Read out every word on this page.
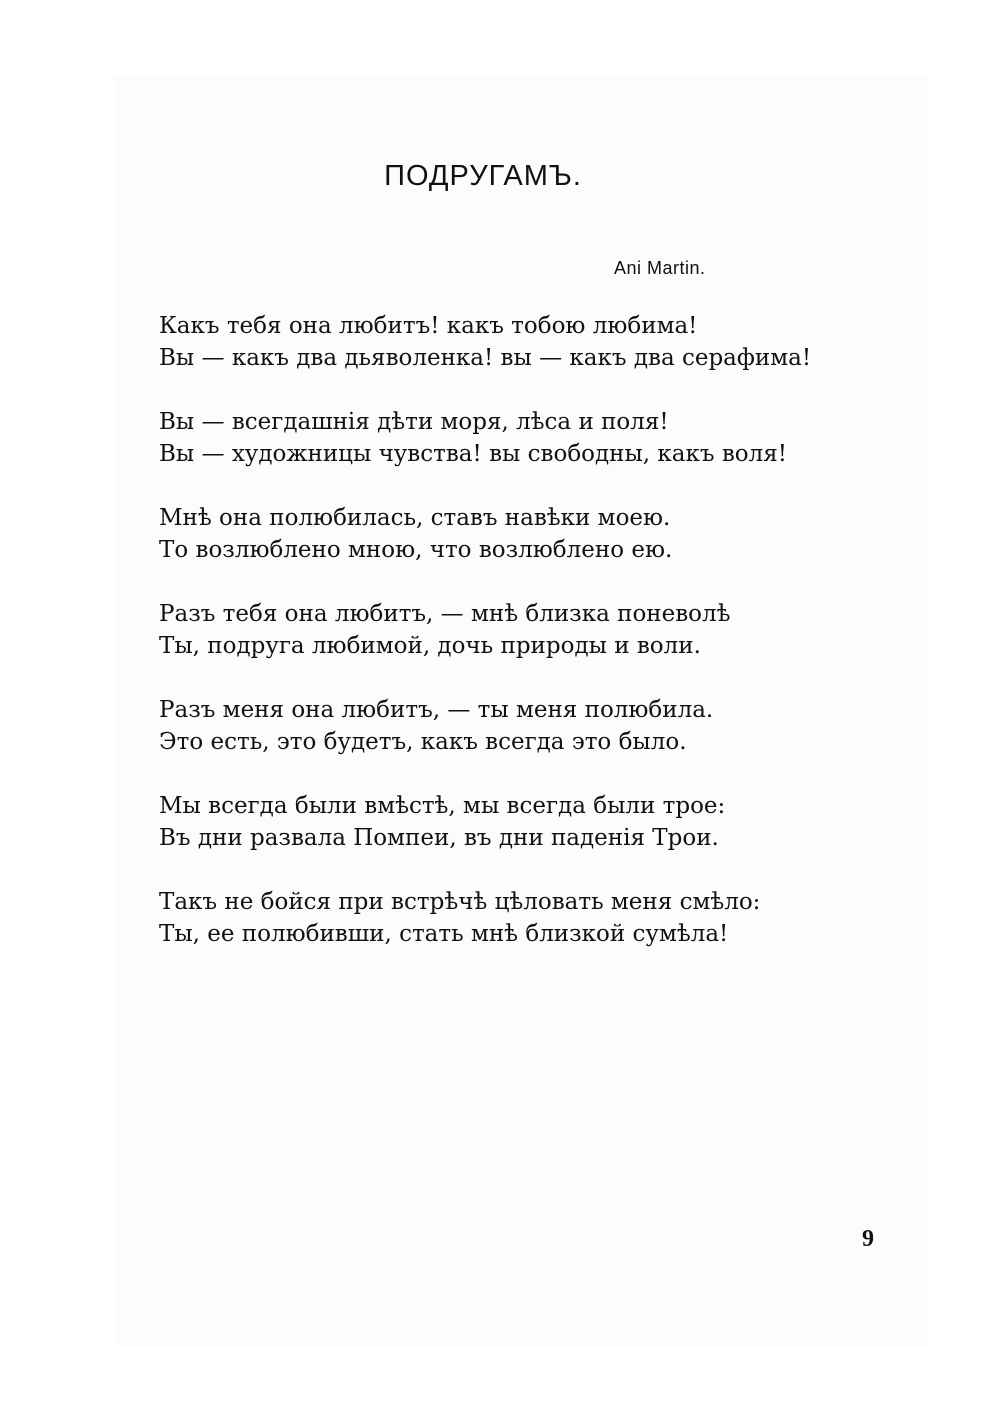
ПОДРУГАМЪ.
Ani Martin.
Какъ тебя она любитъ! какъ тобою любима!
Вы — какъ два дьяволенка! вы — какъ два серафима!
Вы — всегдашнія дѣти моря, лѣса и поля!
Вы — художницы чувства! вы свободны, какъ воля!
Мнѣ она полюбилась, ставъ навѣки моею.
То возлюблено мною, что возлюблено ею.
Разъ тебя она любитъ, — мнѣ близка поневолѣ
Ты, подруга любимой, дочь природы и воли.
Разъ меня она любитъ, — ты меня полюбила.
Это есть, это будетъ, какъ всегда это было.
Мы всегда были вмѣстѣ, мы всегда были трое:
Въ дни развала Помпеи, въ дни паденія Трои.
Такъ не бойся при встрѣчѣ цѣловать меня смѣло:
Ты, ее полюбивши, стать мнѣ близкой сумѣла!
9
